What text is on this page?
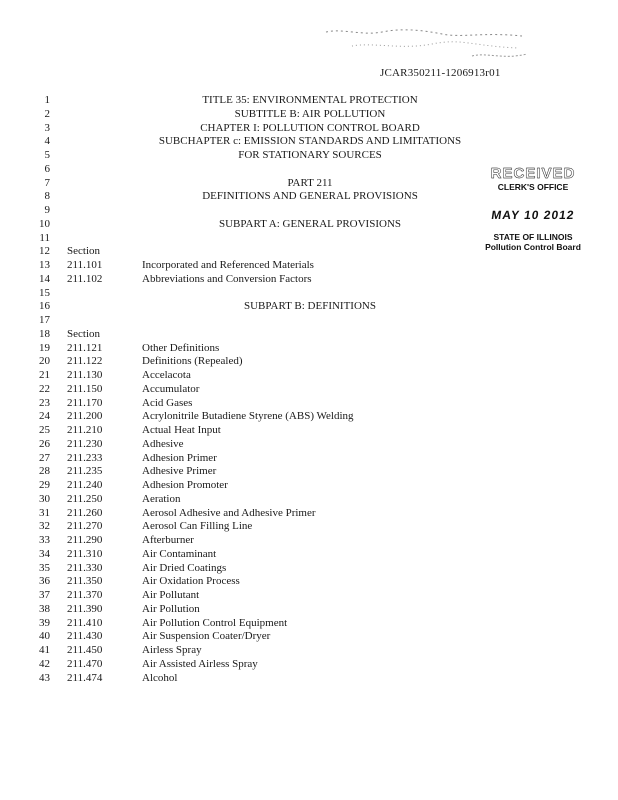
JCAR350211-1206913r01
RECEIVED
CLERK'S OFFICE
MAY 10 2012
STATE OF ILLINOIS
Pollution Control Board
1	TITLE 35: ENVIRONMENTAL PROTECTION
2	SUBTITLE B: AIR POLLUTION
3	CHAPTER I: POLLUTION CONTROL BOARD
4	SUBCHAPTER c: EMISSION STANDARDS AND LIMITATIONS
5	FOR STATIONARY SOURCES
6
7	PART 211
8	DEFINITIONS AND GENERAL PROVISIONS
9
10	SUBPART A: GENERAL PROVISIONS
11
12 Section
13 211.101	Incorporated and Referenced Materials
14 211.102	Abbreviations and Conversion Factors
15
16	SUBPART B: DEFINITIONS
17
18 Section
19 211.121	Other Definitions
20 211.122	Definitions (Repealed)
21 211.130	Accelacota
22 211.150	Accumulator
23 211.170	Acid Gases
24 211.200	Acrylonitrile Butadiene Styrene (ABS) Welding
25 211.210	Actual Heat Input
26 211.230	Adhesive
27 211.233	Adhesion Primer
28 211.235	Adhesive Primer
29 211.240	Adhesion Promoter
30 211.250	Aeration
31 211.260	Aerosol Adhesive and Adhesive Primer
32 211.270	Aerosol Can Filling Line
33 211.290	Afterburner
34 211.310	Air Contaminant
35 211.330	Air Dried Coatings
36 211.350	Air Oxidation Process
37 211.370	Air Pollutant
38 211.390	Air Pollution
39 211.410	Air Pollution Control Equipment
40 211.430	Air Suspension Coater/Dryer
41 211.450	Airless Spray
42 211.470	Air Assisted Airless Spray
43 211.474	Alcohol
